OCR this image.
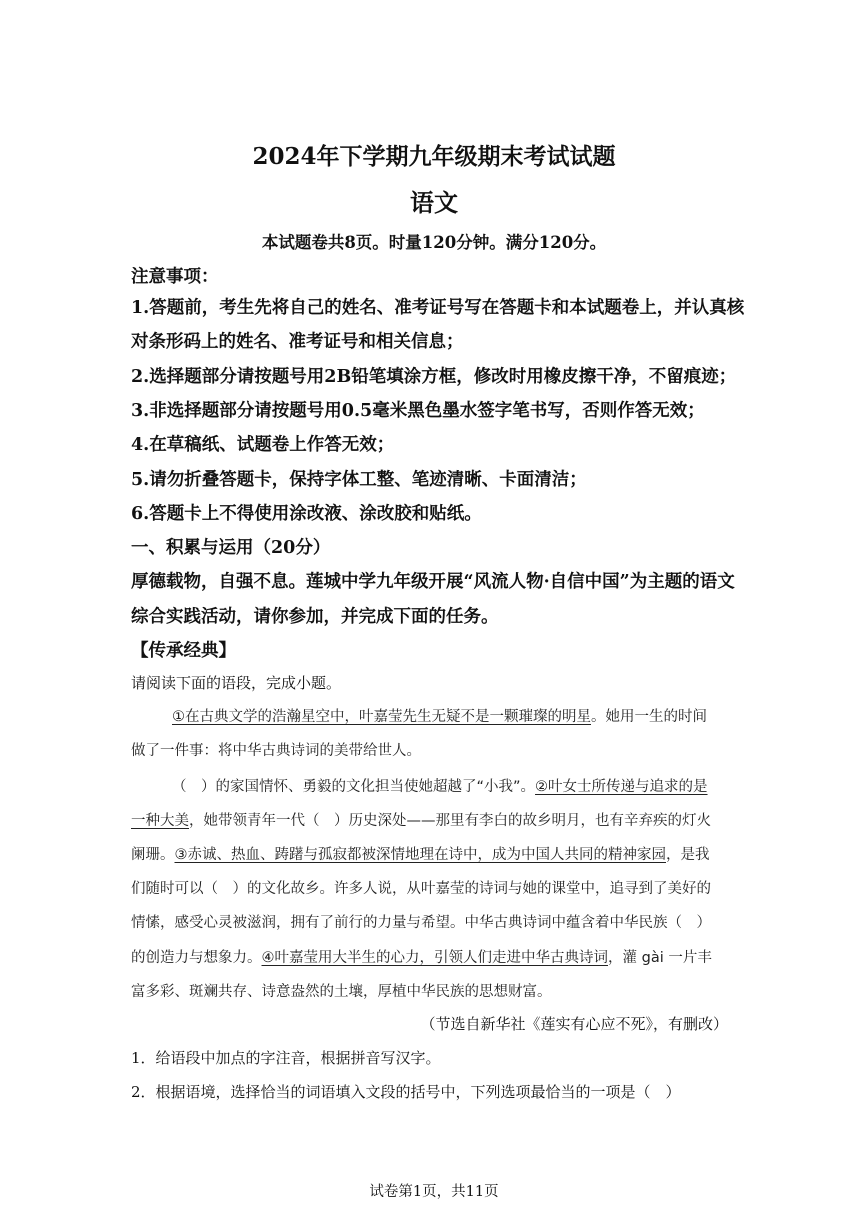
2024年下学期九年级期末考试试题
语文
本试题卷共8页。时量120分钟。满分120分。
注意事项：
1.答题前，考生先将自己的姓名、准考证号写在答题卡和本试题卷上，并认真核
对条形码上的姓名、准考证号和相关信息；
2.选择题部分请按题号用2B铅笔填涂方框，修改时用橡皮擦干净，不留痕迹；
3.非选择题部分请按题号用0.5毫米黑色墨水签字笔书写，否则作答无效；
4.在草稿纸、试题卷上作答无效；
5.请勿折叠答题卡，保持字体工整、笔迹清晰、卡面清洁；
6.答题卡上不得使用涂改液、涂改胶和贴纸。
一、积累与运用（20分）
厚德载物，自强不息。莲城中学九年级开展“风流人物·自信中国”为主题的语文
综合实践活动，请你参加，并完成下面的任务。
【传承经典】
请阅读下面的语段，完成小题。
①在古典文学的浩瀚星空中，叶嘉莹先生无疑不是一颗璀璨的明星。她用一生的时间
做了一件事：将中华古典诗词的美带给世人。
（　）的家国情怀、勇毅的文化担当使她超越了“小我”。②叶女士所传递与追求的是
一种大美，她带领青年一代（　）历史深处——那里有李白的故乡明月，也有辛弃疾的灯火
阑珊。③赤诚、热血、踌躇与孤寂都被深情地理在诗中，成为中国人共同的精神家园，是我
们随时可以（　）的文化故乡。许多人说，从叶嘉莹的诗词与她的课堂中，追寻到了美好的
情愫，感受心灵被滋润，拥有了前行的力量与希望。中华古典诗词中蕴含着中华民族（　）
的创造力与想象力。④叶嘉莹用大半生的心力，引领人们走进中华古典诗词，灌 gài 一片丰
富多彩、斑斓共存、诗意盎然的土壤，厚植中华民族的思想财富。
（节选自新华社《莲实有心应不死》，有删改）
1．给语段中加点的字注音，根据拼音写汉字。
2．根据语境，选择恰当的词语填入文段的括号中，下列选项最恰当的一项是（　）
试卷第1页，共11页
